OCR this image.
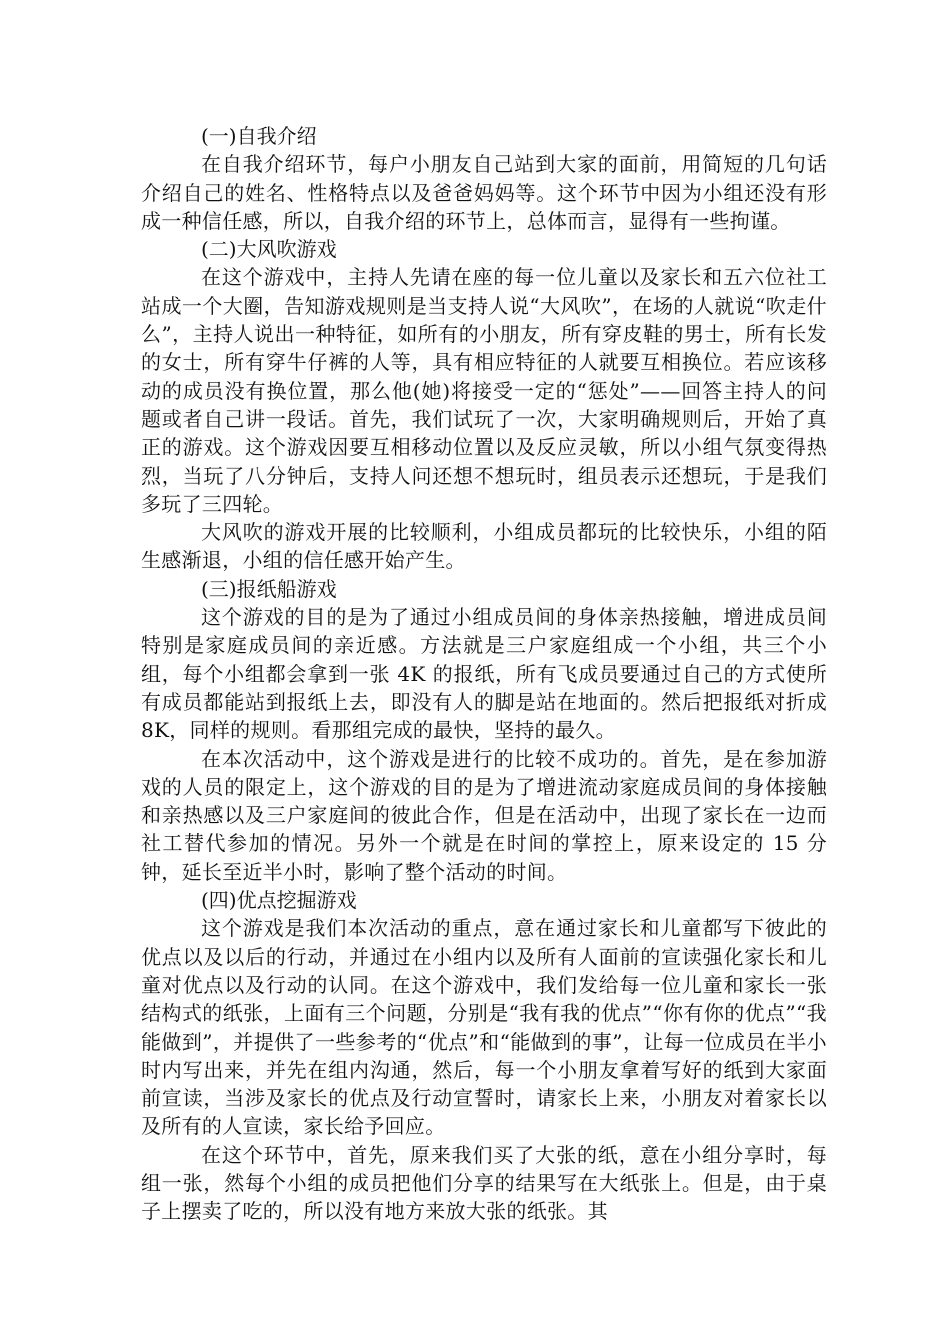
(一)自我介绍

在自我介绍环节，每户小朋友自己站到大家的面前，用简短的几句话介绍自己的姓名、性格特点以及爸爸妈妈等。这个环节中因为小组还没有形成一种信任感，所以，自我介绍的环节上，总体而言，显得有一些拘谨。

(二)大风吹游戏

在这个游戏中，主持人先请在座的每一位儿童以及家长和五六位社工站成一个大圈，告知游戏规则是当支持人说“大风吹”，在场的人就说“吹走什么”，主持人说出一种特征，如所有的小朋友，所有穿皮鞋的男士，所有长发的女士，所有穿牛仔裤的人等，具有相应特征的人就要互相换位。若应该移动的成员没有换位置，那么他(她)将接受一定的“惩处”——回答主持人的问题或者自己讲一段话。首先，我们试玩了一次，大家明确规则后，开始了真正的游戏。这个游戏因要互相移动位置以及反应灵敏，所以小组气氛变得热烈，当玩了八分钟后，支持人问还想不想玩时，组员表示还想玩，于是我们多玩了三四轮。

大风吹的游戏开展的比较顺利，小组成员都玩的比较快乐，小组的陌生感渐退，小组的信任感开始产生。

(三)报纸船游戏

这个游戏的目的是为了通过小组成员间的身体亲热接触，增进成员间特别是家庭成员间的亲近感。方法就是三户家庭组成一个小组，共三个小组，每个小组都会拿到一张 4K 的报纸，所有飞成员要通过自己的方式使所有成员都能站到报纸上去，即没有人的脚是站在地面的。然后把报纸对折成 8K，同样的规则。看那组完成的最快，坚持的最久。

在本次活动中，这个游戏是进行的比较不成功的。首先，是在参加游戏的人员的限定上，这个游戏的目的是为了增进流动家庭成员间的身体接触和亲热感以及三户家庭间的彼此合作，但是在活动中，出现了家长在一边而社工替代参加的情况。另外一个就是在时间的掌控上，原来设定的 15 分钟，延长至近半小时，影响了整个活动的时间。

(四)优点挖掘游戏

这个游戏是我们本次活动的重点，意在通过家长和儿童都写下彼此的优点以及以后的行动，并通过在小组内以及所有人面前的宣读强化家长和儿童对优点以及行动的认同。在这个游戏中，我们发给每一位儿童和家长一张结构式的纸张，上面有三个问题，分别是“我有我的优点”“你有你的优点”“我能做到”，并提供了一些参考的“优点”和“能做到的事”，让每一位成员在半小时内写出来，并先在组内沟通，然后，每一个小朋友拿着写好的纸到大家面前宣读，当涉及家长的优点及行动宣誓时，请家长上来，小朋友对着家长以及所有的人宣读，家长给予回应。

在这个环节中，首先，原来我们买了大张的纸，意在小组分享时，每组一张，然每个小组的成员把他们分享的结果写在大纸张上。但是，由于桌子上摆卖了吃的，所以没有地方来放大张的纸张。其
